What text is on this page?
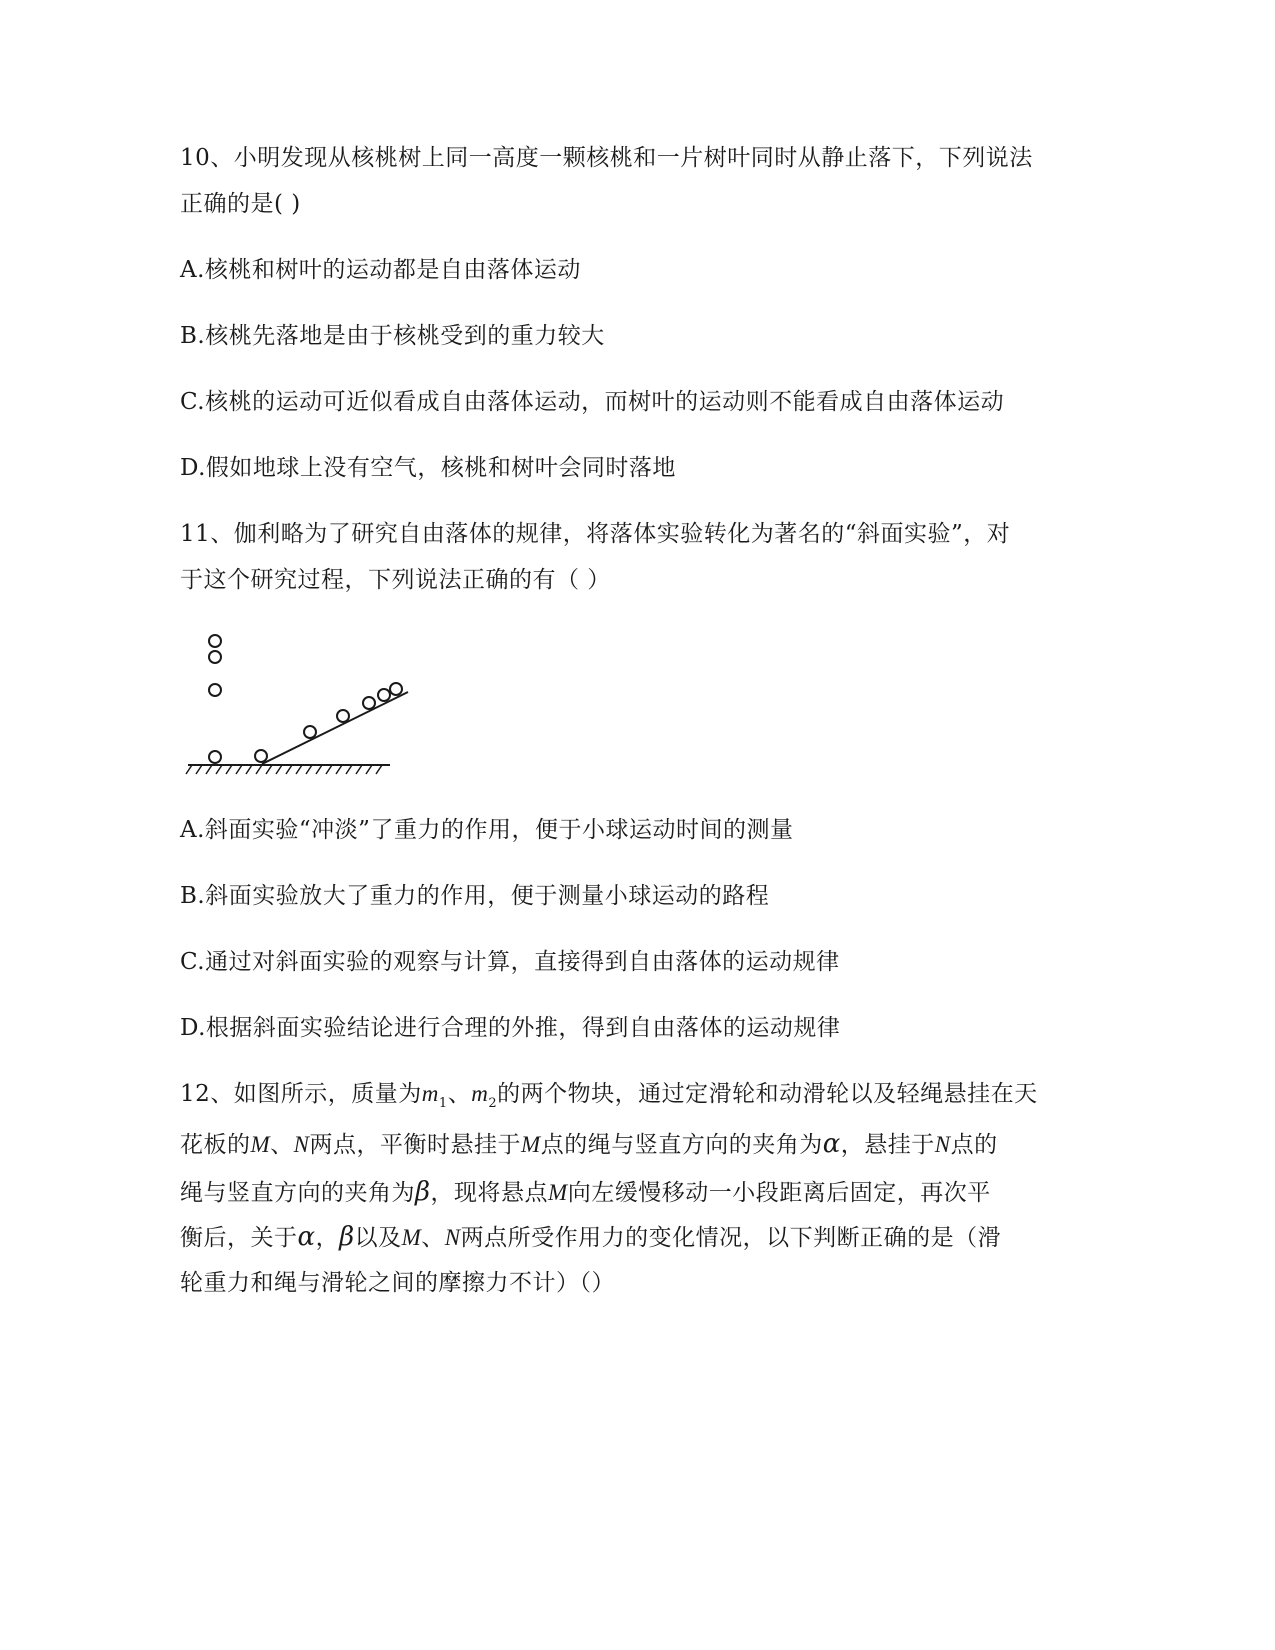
10、小明发现从核桃树上同一高度一颗核桃和一片树叶同时从静止落下，下列说法
正确的是( )
A.核桃和树叶的运动都是自由落体运动
B.核桃先落地是由于核桃受到的重力较大
C.核桃的运动可近似看成自由落体运动，而树叶的运动则不能看成自由落体运动
D.假如地球上没有空气，核桃和树叶会同时落地
11、伽利略为了研究自由落体的规律，将落体实验转化为著名的“斜面实验”，对
于这个研究过程，下列说法正确的有（ ）
A.斜面实验“冲淡”了重力的作用，便于小球运动时间的测量
B.斜面实验放大了重力的作用，便于测量小球运动的路程
C.通过对斜面实验的观察与计算，直接得到自由落体的运动规律
D.根据斜面实验结论进行合理的外推，得到自由落体的运动规律
12、如图所示，质量为$m_1$、$m_2$的两个物块，通过定滑轮和动滑轮以及轻绳悬挂在天
花板的M、N两点，平衡时悬挂于M点的绳与竖直方向的夹角为α，悬挂于N点的
绳与竖直方向的夹角为β，现将悬点M向左缓慢移动一小段距离后固定，再次平
衡后，关于α，β以及M、N两点所受作用力的变化情况，以下判断正确的是（滑
轮重力和绳与滑轮之间的摩擦力不计）（）
